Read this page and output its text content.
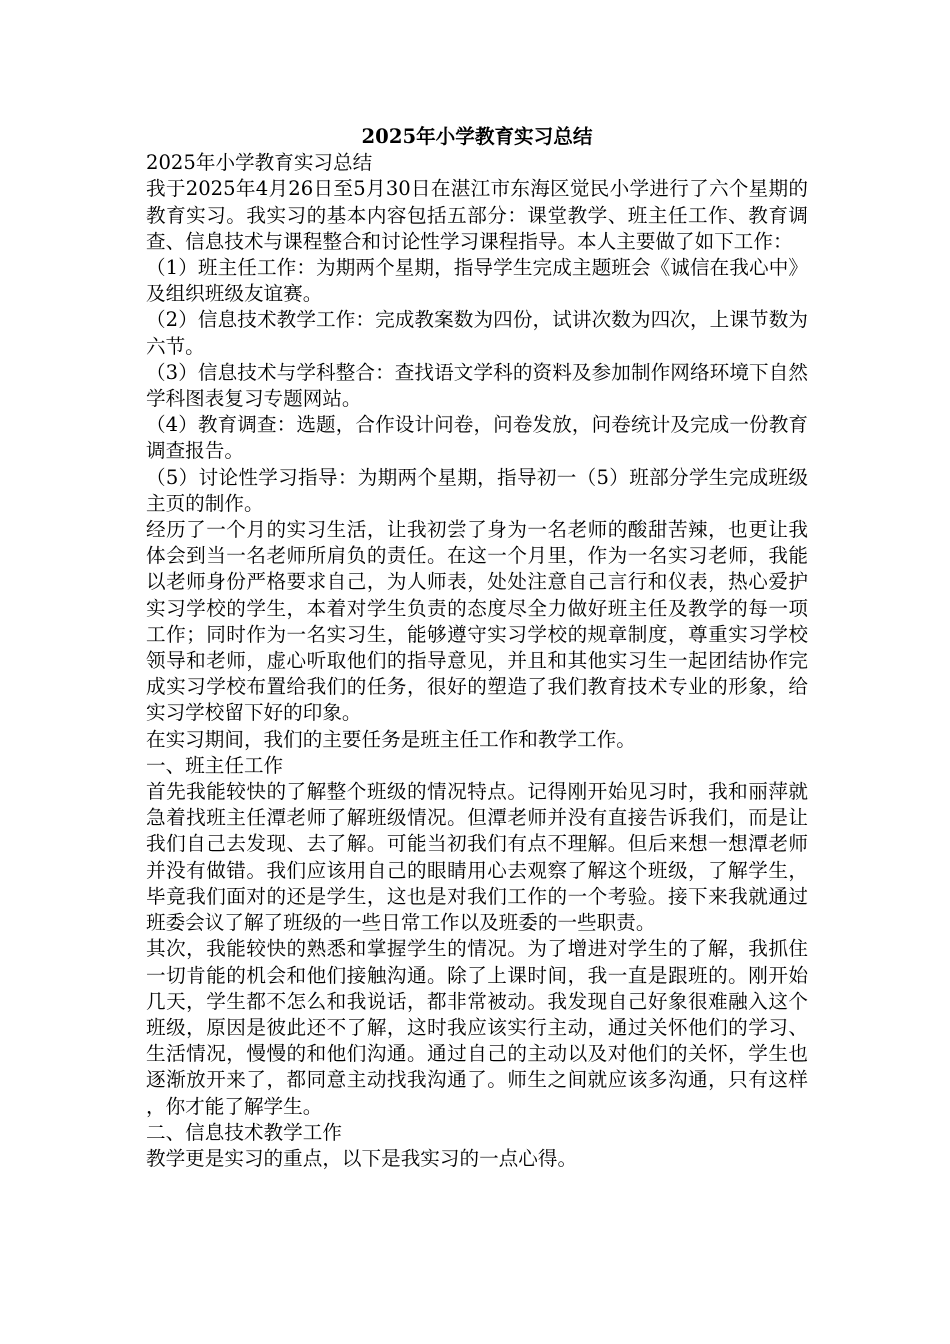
2025年小学教育实习总结

2025年小学教育实习总结

我于2025年4月26日至5月30日在湛江市东海区觉民小学进行了六个星期的教育实习。我实习的基本内容包括五部分：课堂教学、班主任工作、教育调查、信息技术与课程整合和讨论性学习课程指导。本人主要做了如下工作：

（1）班主任工作：为期两个星期，指导学生完成主题班会《诚信在我心中》及组织班级友谊赛。

（2）信息技术教学工作：完成教案数为四份，试讲次数为四次，上课节数为六节。

（3）信息技术与学科整合：查找语文学科的资料及参加制作网络环境下自然学科图表复习专题网站。

（4）教育调查：选题，合作设计问卷，问卷发放，问卷统计及完成一份教育调查报告。

（5）讨论性学习指导：为期两个星期，指导初一（5）班部分学生完成班级主页的制作。

经历了一个月的实习生活，让我初尝了身为一名老师的酸甜苦辣，也更让我体会到当一名老师所肩负的责任。在这一个月里，作为一名实习老师，我能以老师身份严格要求自己，为人师表，处处注意自己言行和仪表，热心爱护实习学校的学生，本着对学生负责的态度尽全力做好班主任及教学的每一项工作；同时作为一名实习生，能够遵守实习学校的规章制度，尊重实习学校领导和老师，虚心听取他们的指导意见，并且和其他实习生一起团结协作完成实习学校布置给我们的任务，很好的塑造了我们教育技术专业的形象，给实习学校留下好的印象。

在实习期间，我们的主要任务是班主任工作和教学工作。

一、班主任工作

首先我能较快的了解整个班级的情况特点。记得刚开始见习时，我和丽萍就急着找班主任潭老师了解班级情况。但潭老师并没有直接告诉我们，而是让我们自己去发现、去了解。可能当初我们有点不理解。但后来想一想潭老师并没有做错。我们应该用自己的眼睛用心去观察了解这个班级，了解学生，毕竟我们面对的还是学生，这也是对我们工作的一个考验。接下来我就通过班委会议了解了班级的一些日常工作以及班委的一些职责。

其次，我能较快的熟悉和掌握学生的情况。为了增进对学生的了解，我抓住一切肯能的机会和他们接触沟通。除了上课时间，我一直是跟班的。刚开始几天，学生都不怎么和我说话，都非常被动。我发现自己好象很难融入这个班级，原因是彼此还不了解，这时我应该实行主动，通过关怀他们的学习、生活情况，慢慢的和他们沟通。通过自己的主动以及对他们的关怀，学生也逐渐放开来了，都同意主动找我沟通了。师生之间就应该多沟通，只有这样，你才能了解学生。

二、信息技术教学工作

教学更是实习的重点，以下是我实习的一点心得。
